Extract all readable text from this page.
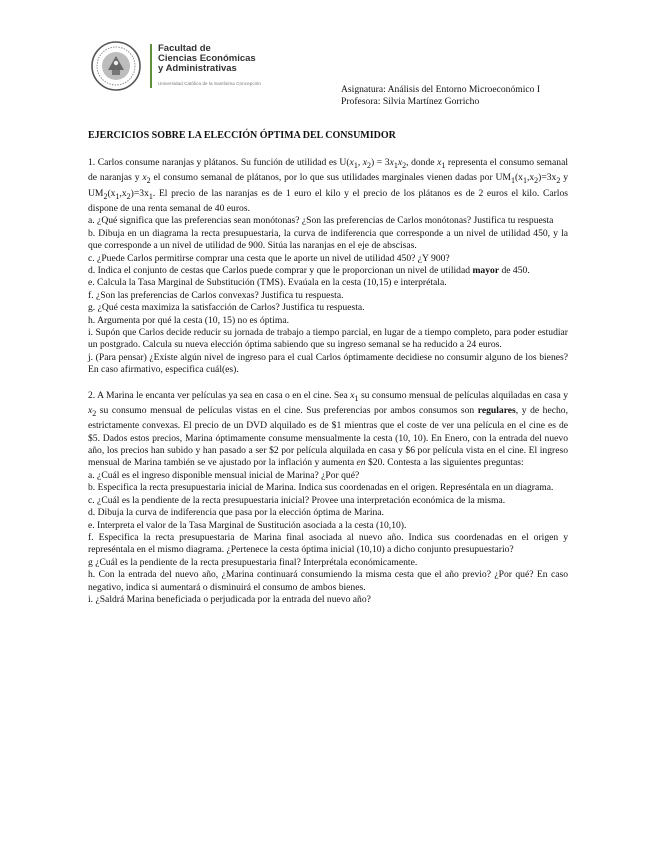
Facultad de
Ciencias Económicas
y Administrativas
Universidad Católica de la Santísima Concepción
Asignatura: Análisis del Entorno Microeconómico I
Profesora: Silvia Martínez Gorricho
EJERCICIOS SOBRE LA ELECCIÓN ÓPTIMA DEL CONSUMIDOR

1. Carlos consume naranjas y plátanos. Su función de utilidad es $U(x_1$, $x_2) = 3x_1x_2$, donde $x_1$ representa el consumo semanal de naranjas y $x_2$ el consumo semanal de plátanos, por lo que sus utilidades marginales vienen dadas por $UM_1(x_1,x_2)=3x_2$ y $UM_2(x_1,x_2)=3x_1$. El precio de las naranjas es de 1 euro el kilo y el precio de los plátanos es de 2 euros el kilo. Carlos dispone de una renta semanal de 40 euros.

a. ¿Qué significa que las preferencias sean monótonas? ¿Son las preferencias de Carlos monótonas? Justifica tu respuesta

b. Dibuja en un diagrama la recta presupuestaria, la curva de indiferencia que corresponde a un nivel de utilidad 450, y la que corresponde a un nivel de utilidad de 900. Sitúa las naranjas en el eje de abscisas.

c. ¿Puede Carlos permitirse comprar una cesta que le aporte un nivel de utilidad 450? ¿Y 900?

d. Indica el conjunto de cestas que Carlos puede comprar y que le proporcionan un nivel de utilidad mayor de 450.

e. Calcula la Tasa Marginal de Substitución (TMS). Evaúala en la cesta (10,15) e interprétala.

f. ¿Son las preferencias de Carlos convexas? Justifica tu respuesta.

g. ¿Qué cesta maximiza la satisfacción de Carlos? Justifica tu respuesta.

h. Argumenta por qué la cesta (10, 15) no es óptima.

i. Supón que Carlos decide reducir su jornada de trabajo a tiempo parcial, en lugar de a tiempo completo, para poder estudiar un postgrado. Calcula su nueva elección óptima sabiendo que su ingreso semanal se ha reducido a 24 euros.

j. (Para pensar) ¿Existe algún nivel de ingreso para el cual Carlos óptimamente decidiese no consumir alguno de los bienes? En caso afirmativo, especifica cuál(es).

2. A Marina le encanta ver películas ya sea en casa o en el cine. Sea $x_1$ su consumo mensual de películas alquiladas en casa y $x_2$ su consumo mensual de películas vistas en el cine. Sus preferencias por ambos consumos son regulares, y de hecho, estrictamente convexas. El precio de un DVD alquilado es de $1 mientras que el coste de ver una película en el cine es de $5. Dados estos precios, Marina óptimamente consume mensualmente la cesta (10, 10). En Enero, con la entrada del nuevo año, los precios han subido y han pasado a ser $2 por película alquilada en casa y $6 por película vista en el cine. El ingreso mensual de Marina también se ve ajustado por la inflación y aumenta en $20. Contesta a las siguientes preguntas:

a. ¿Cuál es el ingreso disponible mensual inicial de Marina? ¿Por qué?

b. Especifica la recta presupuestaria inicial de Marina. Indica sus coordenadas en el origen. Represéntala en un diagrama.

c. ¿Cuál es la pendiente de la recta presupuestaria inicial? Provee una interpretación económica de la misma.

d. Dibuja la curva de indiferencia que pasa por la elección óptima de Marina.

e. Interpreta el valor de la Tasa Marginal de Sustitución asociada a la cesta (10,10).

f. Especifica la recta presupuestaria de Marina final asociada al nuevo año. Indica sus coordenadas en el origen y represéntala en el mismo diagrama. ¿Pertenece la cesta óptima inicial (10,10) a dicho conjunto presupuestario?

g ¿Cuál es la pendiente de la recta presupuestaria final? Interprétala económicamente.

h. Con la entrada del nuevo año, ¿Marina continuará consumiendo la misma cesta que el año previo? ¿Por qué? En caso negativo, indica si aumentará o disminuirá el consumo de ambos bienes.

i. ¿Saldrá Marina beneficiada o perjudicada por la entrada del nuevo año?
